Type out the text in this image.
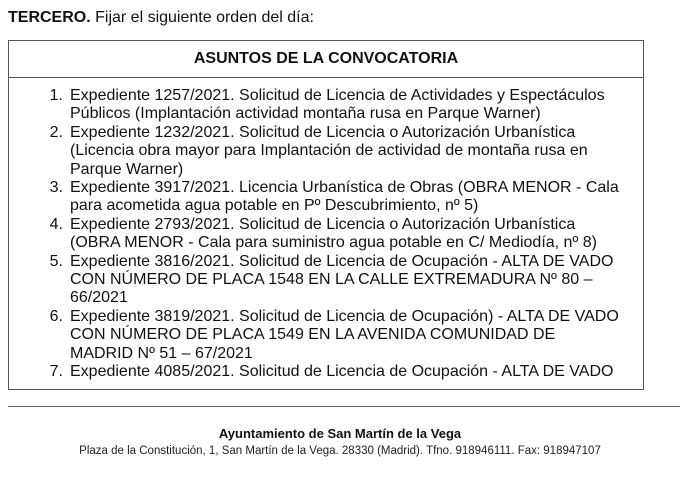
TERCERO. Fijar el siguiente orden del día:
ASUNTOS DE LA CONVOCATORIA
1. Expediente 1257/2021. Solicitud de Licencia de Actividades y Espectáculos
Públicos (Implantación actividad montaña rusa en Parque Warner)
2. Expediente 1232/2021. Solicitud de Licencia o Autorización Urbanística
(Licencia obra mayor para Implantación de actividad de montaña rusa en
Parque Warner)
3. Expediente 3917/2021. Licencia Urbanística de Obras (OBRA MENOR - Cala
para acometida agua potable en Pº Descubrimiento, nº 5)
4. Expediente 2793/2021. Solicitud de Licencia o Autorización Urbanística
(OBRA MENOR - Cala para suministro agua potable en C/ Mediodía, nº 8)
5. Expediente 3816/2021. Solicitud de Licencia de Ocupación - ALTA DE VADO
CON NÚMERO DE PLACA 1548 EN LA CALLE EXTREMADURA Nº 80 –
66/2021
6. Expediente 3819/2021. Solicitud de Licencia de Ocupación) - ALTA DE VADO
CON NÚMERO DE PLACA 1549 EN LA AVENIDA COMUNIDAD DE
MADRID Nº 51 – 67/2021
7. Expediente 4085/2021. Solicitud de Licencia de Ocupación - ALTA DE VADO
Ayuntamiento de San Martín de la Vega
Plaza de la Constitución, 1, San Martín de la Vega. 28330 (Madrid). Tfno. 918946111. Fax: 918947107
